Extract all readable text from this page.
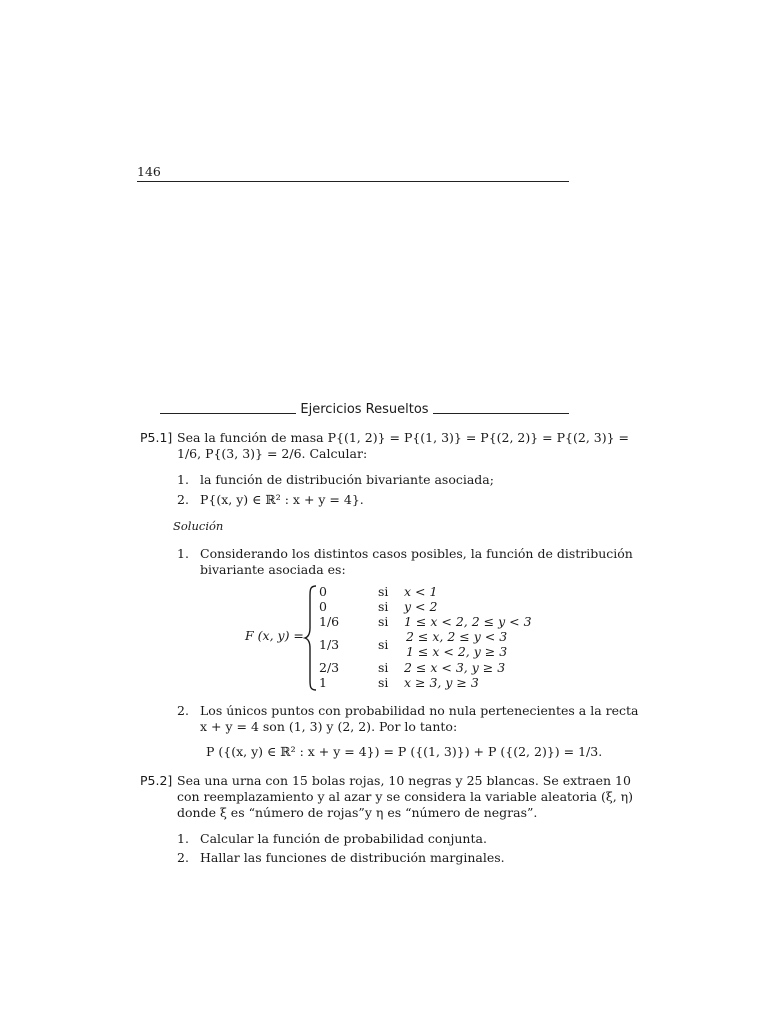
146
Ejercicios Resueltos
P5.1] Sea la función de masa P{(1, 2)} = P{(1, 3)} = P{(2, 2)} = P{(2, 3)} =
1/6, P{(3, 3)} = 2/6. Calcular:
1. la función de distribución bivariante asociada;
2. P{(x, y) ∈ ℝ² : x + y = 4}.
Solución
1. Considerando los distintos casos posibles, la función de distribución
bivariante asociada es:
F (x, y) =
0	si x < 1
0	si y < 2
1/6	si 1 ≤ x < 2, 2 ≤ y < 3
1/3	si
2 ≤ x, 2 ≤ y < 3
1 ≤ x < 2, y ≥ 3
2/3	si 2 ≤ x < 3, y ≥ 3
1	si x ≥ 3, y ≥ 3
2. Los únicos puntos con probabilidad no nula pertenecientes a la recta
x + y = 4 son (1, 3) y (2, 2). Por lo tanto:
P ({(x, y) ∈ ℝ² : x + y = 4}) = P ({(1, 3)}) + P ({(2, 2)}) = 1/3.
P5.2] Sea una urna con 15 bolas rojas, 10 negras y 25 blancas. Se extraen 10
con reemplazamiento y al azar y se considera la variable aleatoria (ξ, η)
donde ξ es “número de rojas”y η es “número de negras”.
1. Calcular la función de probabilidad conjunta.
2. Hallar las funciones de distribución marginales.
